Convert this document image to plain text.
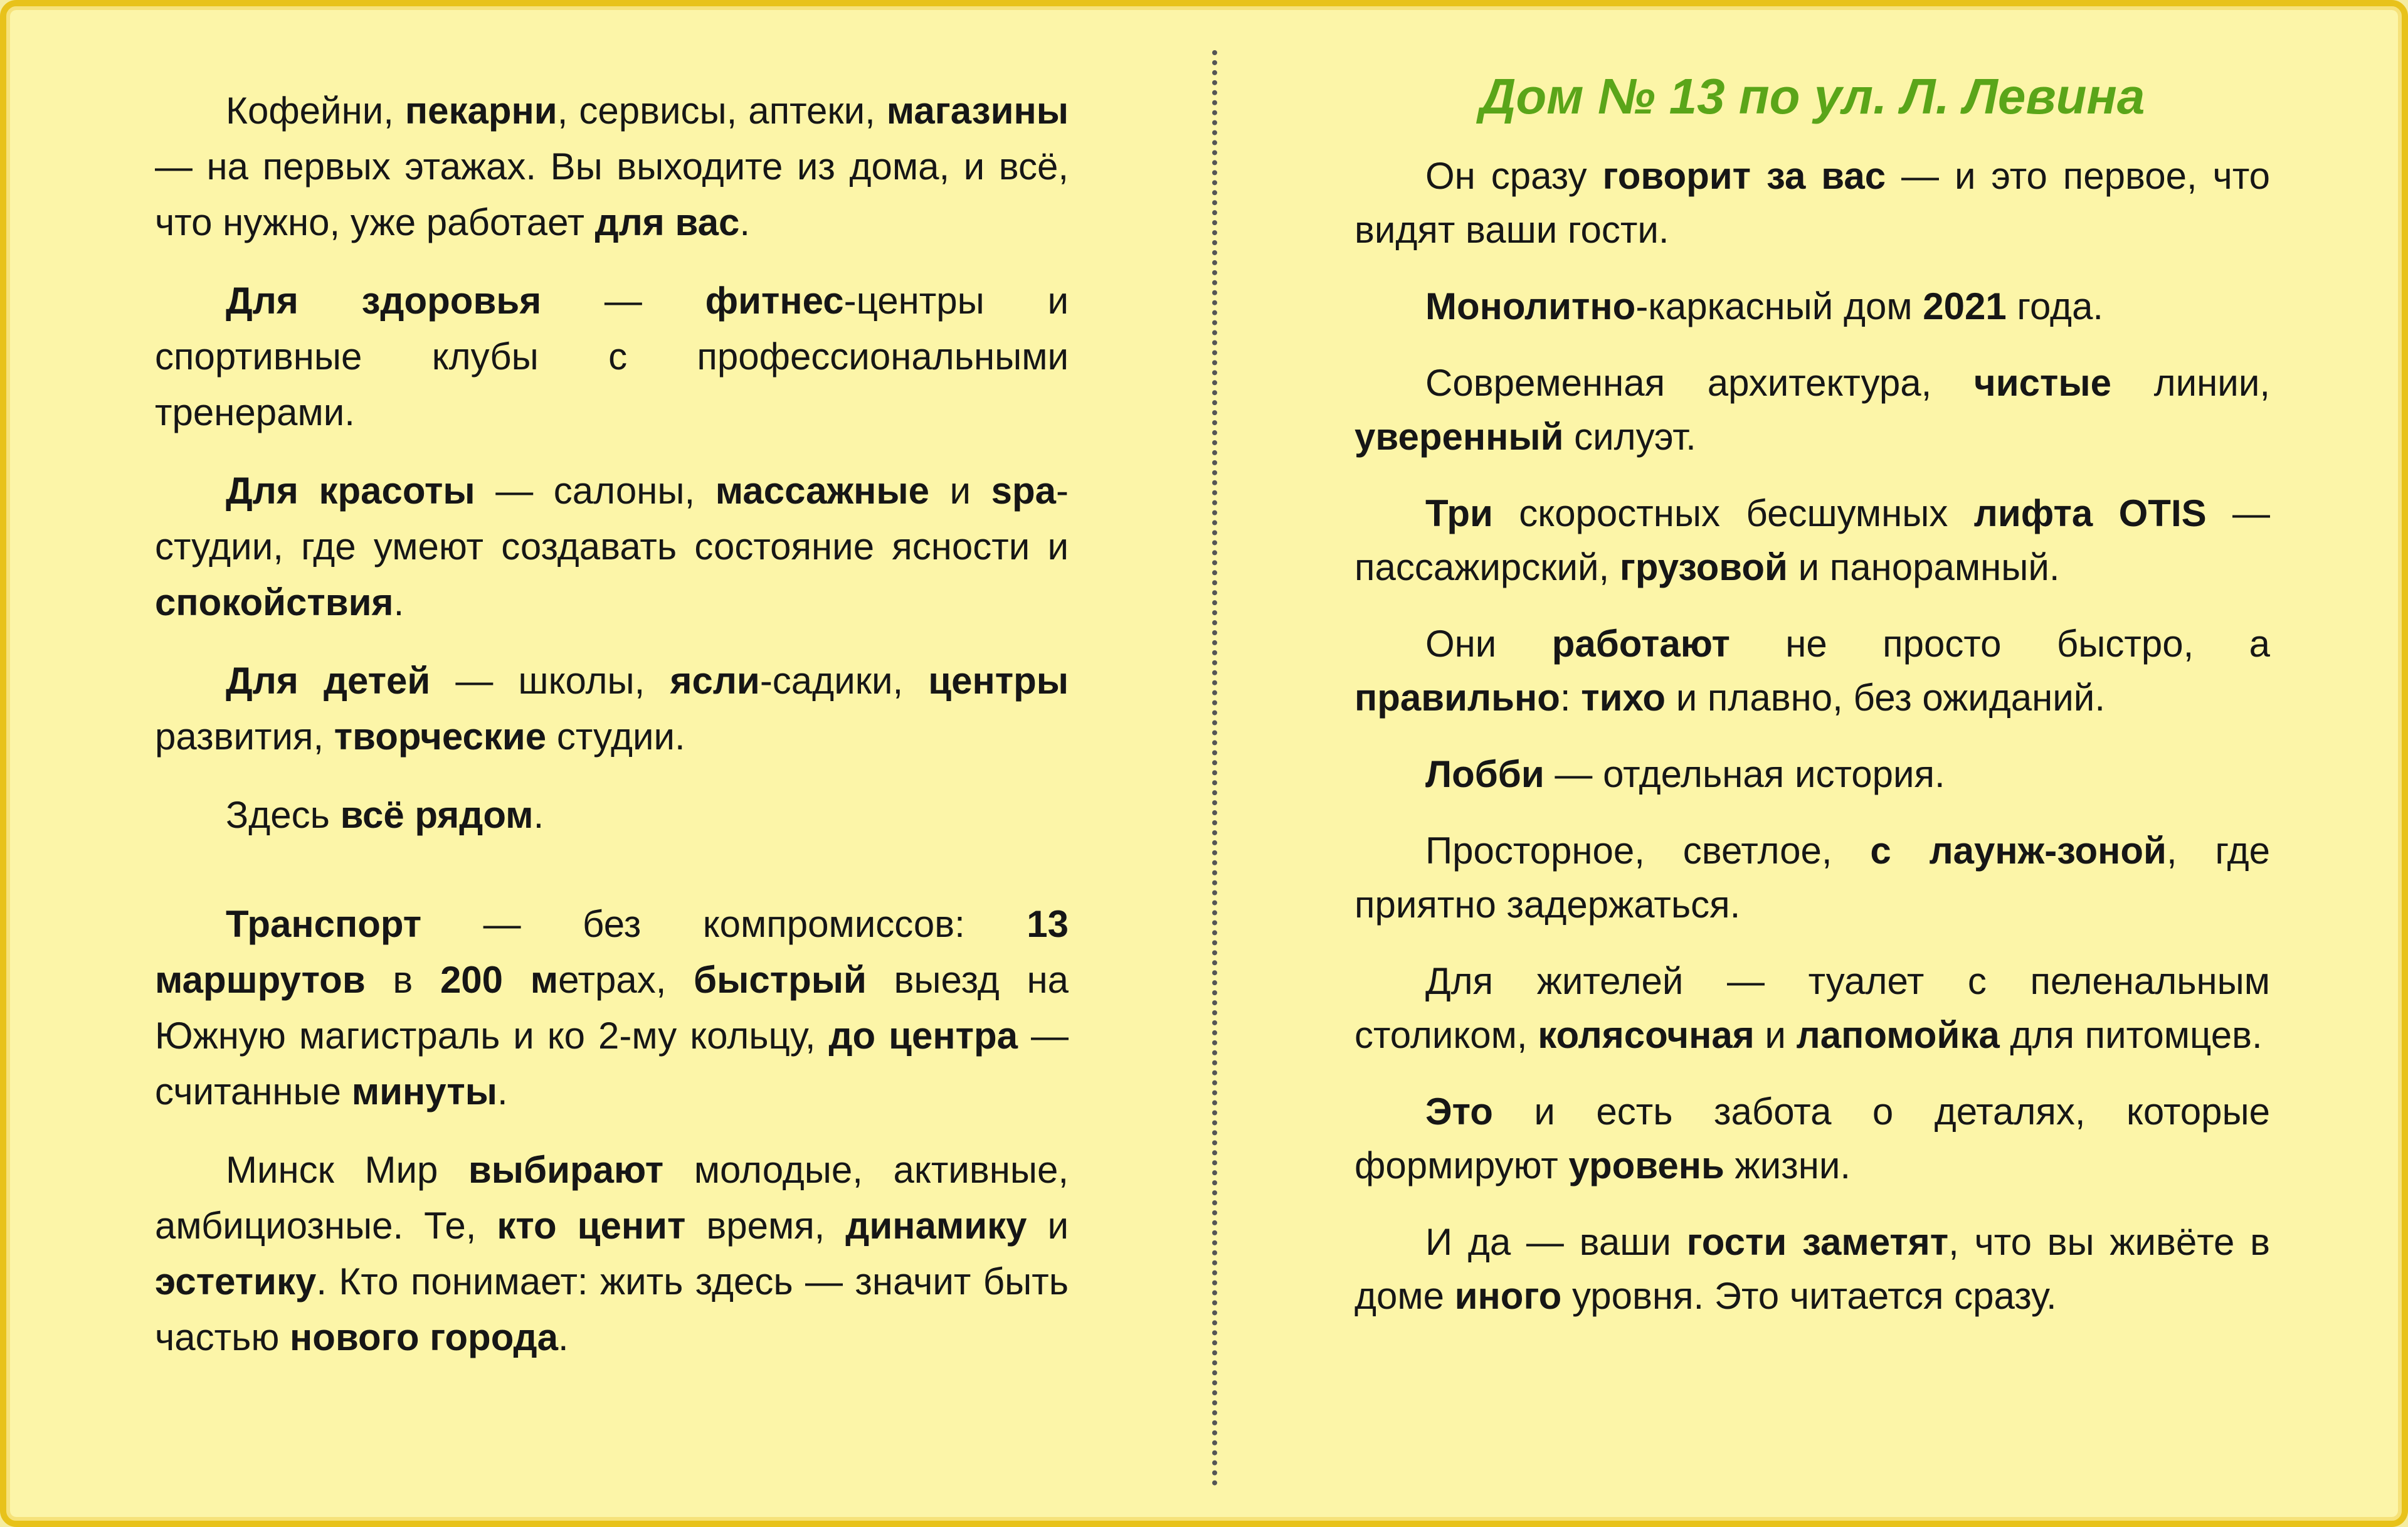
Кофейни, пекарни, сервисы, аптеки, магазины — на первых этажах. Вы выходите из дома, и всё, что нужно, уже работает для вас.

Для здоровья — фитнес-центры и спортивные клубы с профессиональными тренерами.

Для красоты — салоны, массажные и spa-студии, где умеют создавать состояние ясности и спокойствия.

Для детей — школы, ясли-садики, центры развития, творческие студии.

Здесь всё рядом.

Транспорт — без компромиссов: 13 маршрутов в 200 метрах, быстрый выезд на Южную магистраль и ко 2-му кольцу, до центра — считанные минуты.

Минск Мир выбирают молодые, активные, амбициозные. Те, кто ценит время, динамику и эстетику. Кто понимает: жить здесь — значит быть частью нового города.

Дом № 13 по ул. Л. Левина

Он сразу говорит за вас — и это первое, что видят ваши гости.

Монолитно-каркасный дом 2021 года.

Современная архитектура, чистые линии, уверенный силуэт.

Три скоростных бесшумных лифта OTIS — пассажирский, грузовой и панорамный.

Они работают не просто быстро, а правильно: тихо и плавно, без ожиданий.

Лобби — отдельная история.

Просторное, светлое, с лаунж-зоной, где приятно задержаться.

Для жителей — туалет с пеленальным столиком, колясочная и лапомойка для питомцев.

Это и есть забота о деталях, которые формируют уровень жизни.

И да — ваши гости заметят, что вы живёте в доме иного уровня. Это читается сразу.
